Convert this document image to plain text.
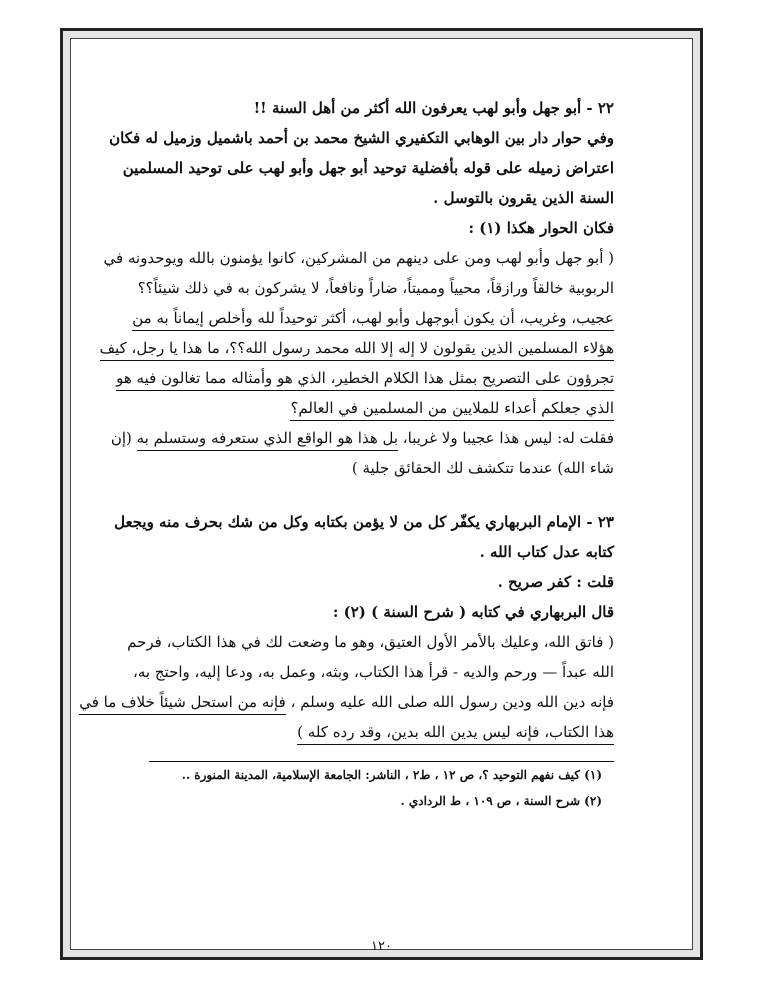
٢٢ - أبو جهل وأبو لهب يعرفون الله أكثر من أهل السنة !!
وفي حوار دار بين الوهابي التكفيري الشيخ محمد بن أحمد باشميل وزميل له فكان
اعتراض زميله على قوله بأفضلية توحيد أبو جهل وأبو لهب على توحيد المسلمين
السنة الذين يقرون بالتوسل .
فكان الحوار هكذا (١) :
( أبو جهل وأبو لهب ومن على دينهم من المشركين، كانوا يؤمنون بالله ويوحدونه في
الربوبية خالقاً ورازقاً، محيياً ومميتاً، ضاراً ونافعاً، لا يشركون به في ذلك شيئاً؟؟
عجيب، وغريب، أن يكون أبوجهل وأبو لهب، أكثر توحيداً لله وأخلص إيماناً به من
هؤلاء المسلمين الذين يقولون لا إله إلا الله محمد رسول الله؟؟، ما هذا يا رجل، كيف
تجرؤون على التصريح بمثل هذا الكلام الخطير، الذي هو وأمثاله مما تغالون فيه هو
الذي جعلكم أعداء للملايين من المسلمين في العالم؟
فقلت له: ليس هذا عجيبا ولا غريبا، بل هذا هو الواقع الذي ستعرفه وستسلم به (إن
شاء الله) عندما تتكشف لك الحقائق جلية )
٢٣ - الإمام البربهاري يكفّر كل من لا يؤمن بكتابه وكل من شك بحرف منه ويجعل
كتابه عدل كتاب الله .
قلت : كفر صريح .
قال البربهاري في كتابه ( شرح السنة ) (٢) :
( فاتق الله، وعليك بالأمر الأول العتيق، وهو ما وضعت لك في هذا الكتاب، فرحم
الله عبداً — ورحم والديه - قرأ هذا الكتاب، وبثه، وعمل به، ودعا إليه، واحتج به،
فإنه دين الله ودين رسول الله صلى الله عليه وسلم ، فإنه من استحل شيئاً خلاف ما في
هذا الكتاب، فإنه ليس يدين الله بدين، وقد رده كله )
(١) كيف نفهم التوحيد ؟، ص ١٢ ، ط٢ ، الناشر: الجامعة الإسلامية، المدينة المنورة ..
(٢) شرح السنة ، ص ١٠٩ ، ط الردادي .
١٢٠
